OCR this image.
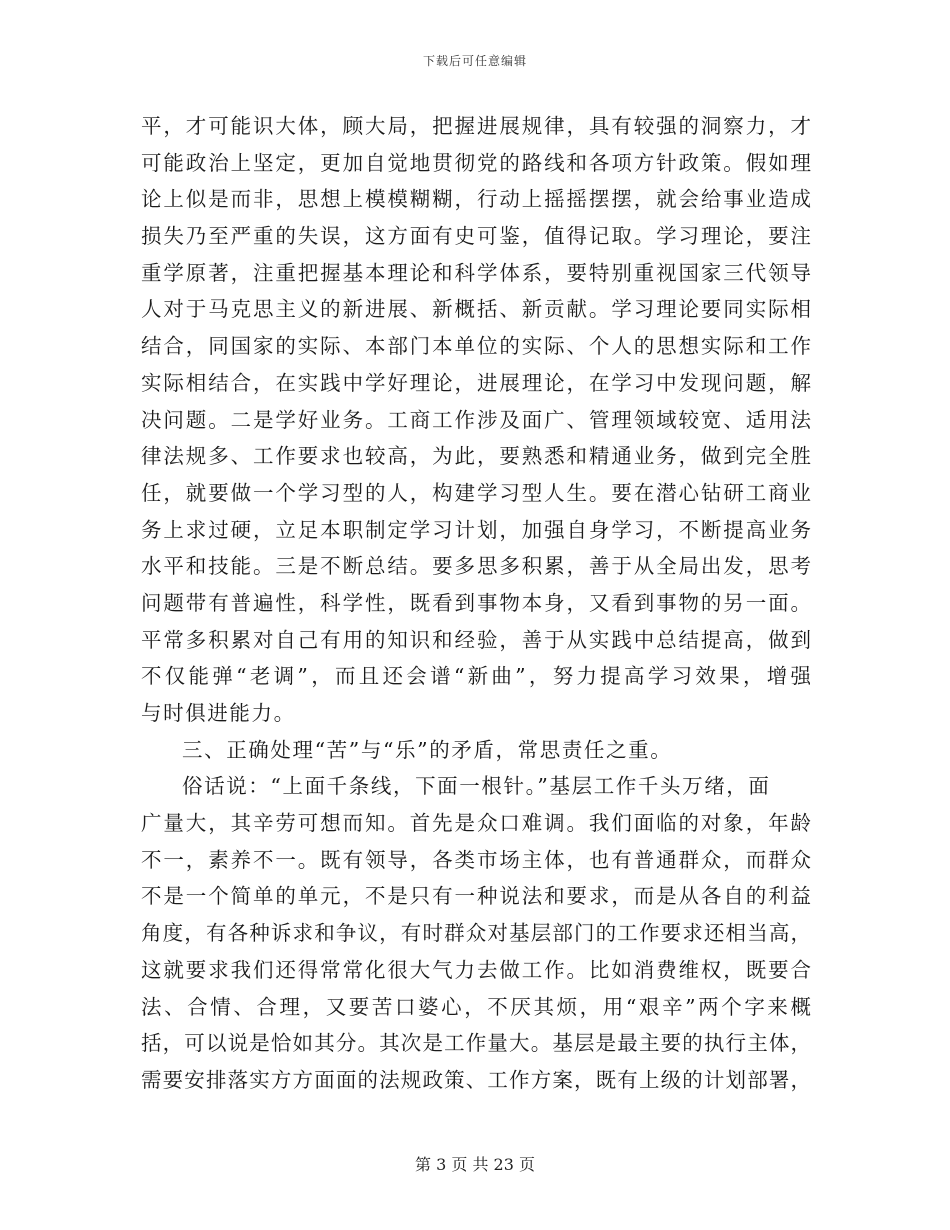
下载后可任意编辑
平，才可能识大体，顾大局，把握进展规律，具有较强的洞察力，才
可能政治上坚定，更加自觉地贯彻党的路线和各项方针政策。假如理
论上似是而非，思想上模模糊糊，行动上摇摇摆摆，就会给事业造成
损失乃至严重的失误，这方面有史可鉴，值得记取。学习理论，要注
重学原著，注重把握基本理论和科学体系，要特别重视国家三代领导
人对于马克思主义的新进展、新概括、新贡献。学习理论要同实际相
结合，同国家的实际、本部门本单位的实际、个人的思想实际和工作
实际相结合，在实践中学好理论，进展理论，在学习中发现问题，解
决问题。二是学好业务。工商工作涉及面广、管理领域较宽、适用法
律法规多、工作要求也较高，为此，要熟悉和精通业务，做到完全胜
任，就要做一个学习型的人，构建学习型人生。要在潜心钻研工商业
务上求过硬，立足本职制定学习计划，加强自身学习，不断提高业务
水平和技能。三是不断总结。要多思多积累，善于从全局出发，思考
问题带有普遍性，科学性，既看到事物本身，又看到事物的另一面。
平常多积累对自己有用的知识和经验，善于从实践中总结提高，做到
不仅能弹“老调”，而且还会谱“新曲”，努力提高学习效果，增强
与时俱进能力。
三、正确处理“苦”与“乐”的矛盾，常思责任之重。
俗话说：“上面千条线，下面一根针。”基层工作千头万绪，面
广量大，其辛劳可想而知。首先是众口难调。我们面临的对象，年龄
不一，素养不一。既有领导，各类市场主体，也有普通群众，而群众
不是一个简单的单元，不是只有一种说法和要求，而是从各自的利益
角度，有各种诉求和争议，有时群众对基层部门的工作要求还相当高，
这就要求我们还得常常化很大气力去做工作。比如消费维权，既要合
法、合情、合理，又要苦口婆心，不厌其烦，用“艰辛”两个字来概
括，可以说是恰如其分。其次是工作量大。基层是最主要的执行主体，
需要安排落实方方面面的法规政策、工作方案，既有上级的计划部署，
第 3 页 共 23 页
